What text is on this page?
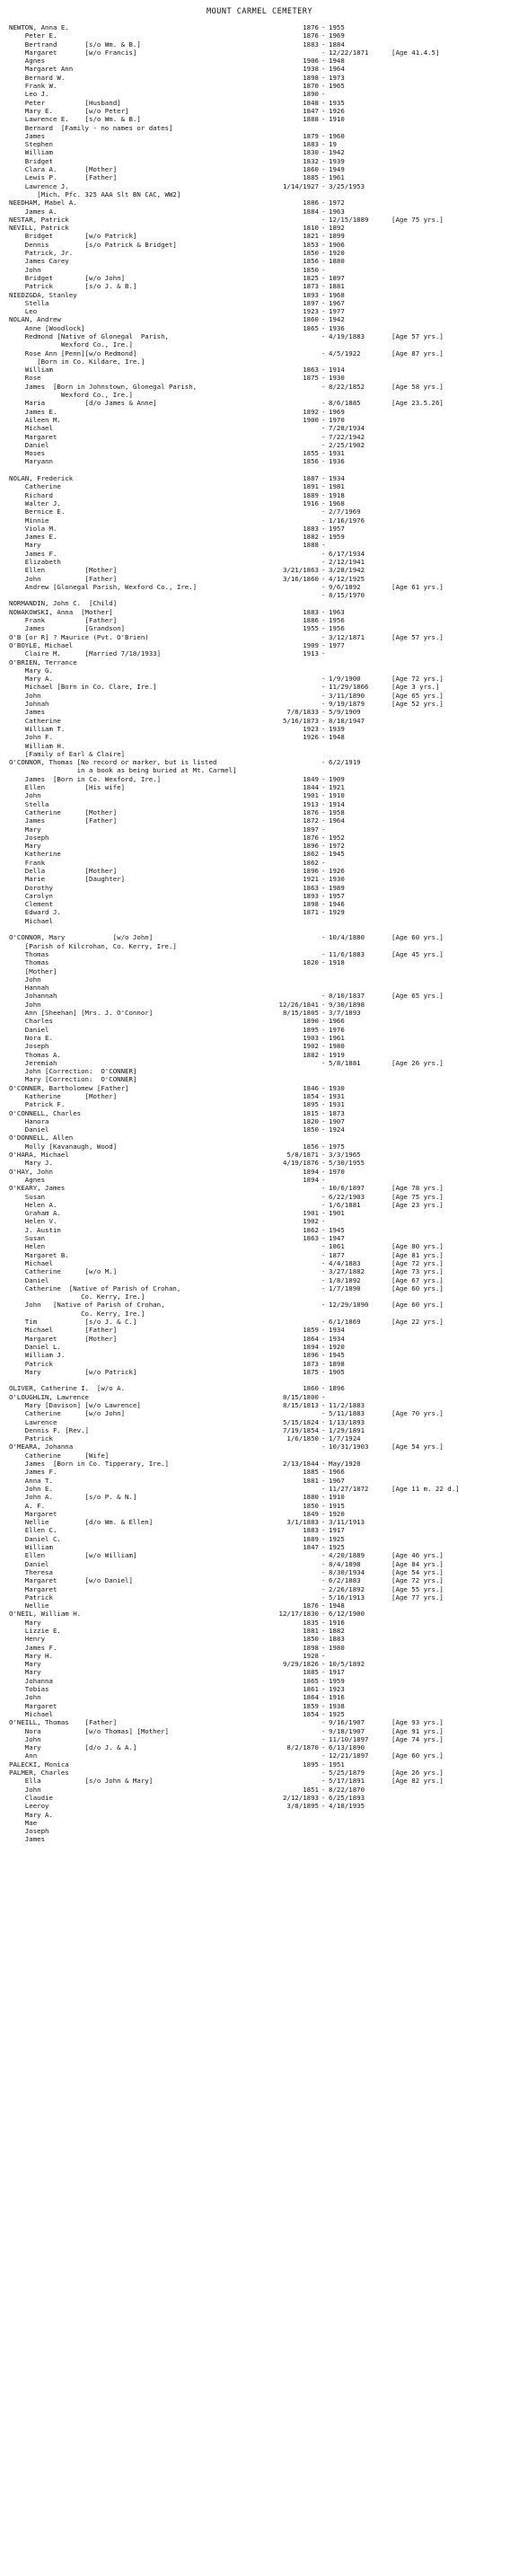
MOUNT CARMEL CEMETERY
NEWTON, Anna E.	1876 - 1955
Peter E.	1876 - 1969
Bertrand       [s/o Wm. & B.]	1883 - 1884
Margaret       [w/o Francis]	- 12/22/1871	[Age 41.4.5]
Agnes	1906 - 1948
Margaret Ann	1938 - 1964
Bernard W.	1898 - 1973
Frank W.	1870 - 1965
Leo J.	1890 -
Peter          [Husband]	1848 - 1935
Mary E.        [w/o Peter]	1847 - 1926
Lawrence E.    [s/o Wm. & B.]	1888 - 1910
Bernard  [Family - no names or dates]
James	1879 - 1960
Stephen	1883 - 19
William	1830 - 1942
Bridget	1832 - 1939
Clara A.       [Mother]	1860 - 1949
Lewis P.       [Father]	1885 - 1961
Lawrence J.	1/14/1927 - 3/25/1953
[Mich. Pfc. 325 AAA Slt BN CAC, WW2]
NEEDHAM, Mabel A.	1886 - 1972
James A.	1884 - 1963
NESTAR, Patrick	- 12/15/1889	[Age 75 yrs.]
NEVILL, Patrick	1810 - 1892
Bridget        [w/o Patrick]	1821 - 1899
Dennis         [s/o Patrick & Bridget]	1853 - 1906
Patrick, Jr.	1850 - 1920
James Carey	1856 - 1880
John	1850 -
Bridget        [w/o John]	1825 - 1897
Patrick        [s/o J. & B.]	1873 - 1881
NIEDZGDA, Stanley	1893 - 1968
Stella	1897 - 1967
Leo	1923 - 1977
NOLAN, Andrew	1860 - 1942
Anne [Woodlock]	1865 - 1936
Redmond [Native of Glonegal  Parish,	- 4/19/1883	[Age 57 yrs.]
Wexford Co., Ire.]
Rose Ann [Penn][w/o Redmond]	- 4/5/1922	[Age 87 yrs.]
[Born in Co. Kildare, Ire.]
William	1863 - 1914
Rose	1875 - 1930
James  [Born in Johnstown, Glonegal Parish,	- 8/22/1852	[Age 58 yrs.]
Wexford Co., Ire.]
Maria          [d/o James & Anne]	- 8/6/1885	[Age 23.5.26]
James E.	1892 - 1969
Aileen M.	1900 - 1970
Michael	- 7/28/1934
Margaret	- 7/22/1942
Daniel	- 2/25/1902
Moses	1855 - 1931
Maryann	1856 - 1936
NOLAN, Frederick	1887 - 1934
Catherine	1891 - 1981
Richard	1889 - 1918
Walter J.	1916 - 1968
Bernice E.	- 2/7/1969
Minnie	- 1/16/1976
Viola M.	1883 - 1957
James E.	1882 - 1959
Mary	1888 -
James F.	- 6/17/1934
Elizabeth	- 2/12/1941
Ellen          [Mother]	3/21/1863 - 3/28/1942
John           [Father]	3/16/1860 - 4/12/1925
Andrew [Glonegal Parish, Wexford Co., Ire.]	- 9/6/1892	[Age 61 yrs.]
- 8/15/1970
NORMANDIN, John C.  [Child]
NOWAKOWSKI, Anna  [Mother]	1883 - 1963
Frank          [Father]	1886 - 1956
James          [Grandson]	1955 - 1956
O'B [or R] ? Maurice (Pvt. O'Brien)	- 3/12/1871	[Age 57 yrs.]
O'BOYLE, Michael	1909 - 1977
Claire M.      [Married 7/18/1933]	1913 -
O'BRIEN, Terrance
Mary G.
Mary A.	- 1/9/1900	[Age 72 yrs.]
Michael [Born in Co. Clare, Ire.]	- 11/29/1866	[Age 3 yrs.]
John	- 3/11/1890	[Age 65 yrs.]
Johnah	- 9/19/1879	[Age 52 yrs.]
James	7/8/1833 - 5/9/1909
Catherine	5/16/1873 - 8/18/1947
William T.	1923 - 1939
John F.	1926 - 1948
William H.
[Family of Earl & Claire]
O'CONNOR, Thomas [No record or marker, but is listed	- 6/2/1919
in a book as being buried at Mt. Carmel]
James  [Born in Co. Wexford, Ire.]	1849 - 1909
Ellen          [His wife]	1844 - 1921
John	1901 - 1910
Stella	1913 - 1914
Catherine      [Mother]	1876 - 1958
James          [Father]	1872 - 1964
Mary	1897 -
Joseph	1876 - 1952
Mary	1896 - 1972
Katherine	1862 - 1945
Frank	1862 -
Della          [Mother]	1896 - 1926
Marie          [Daughter]	1921 - 1930
Dorothy	1863 - 1989
Carolyn	1893 - 1957
Clement	1898 - 1946
Edward J.	1871 - 1929
Michael
O'CONNOR, Mary            [w/o John]	- 10/4/1880	[Age 60 yrs.]
[Parish of Kilcrohan, Co. Kerry, Ire.]
Thomas	- 11/6/1883	[Age 45 yrs.]
Thomas	1820 - 1918
[Mother]
John
Hannah
Johannah	- 8/10/1837	[Age 65 yrs.]
John	12/26/1841 - 9/30/1898
Ann [Sheehan] [Mrs. J. O'Connor]	8/15/1805 - 3/7/1893
Charles	1890 - 1966
Daniel	1895 - 1976
Nora E.	1903 - 1961
Joseph	1902 - 1980
Thomas A.	1882 - 1919
Jeremiah	- 5/8/1881	[Age 26 yrs.]
John [Correction:  O'CONNER]
Mary [Correction:  O'CONNER]
O'CONNER, Bartholomew [Father]	1846 - 1930
Katherine      [Mother]	1854 - 1931
Patrick F.	1895 - 1931
O'CONNELL, Charles	1815 - 1873
Hanora	1820 - 1907
Daniel	1850 - 1924
O'DONNELL, Allen
Molly [Kavanaugh, Wood]	1856 - 1975
O'HARA, Michael	5/8/1871 - 3/3/1965
Mary J.	4/19/1876 - 5/30/1955
O'HAY, John	1894 - 1970
Agnes	1894 -
O'KEARY, James	- 10/6/1897	[Age 78 yrs.]
Susan	- 6/22/1903	[Age 75 yrs.]
Helen A.	- 1/6/1881	[Age 23 yrs.]
Graham A.	1901 - 1901
Helen V.	1902 -
J. Austin	1862 - 1945
Susan	1863 - 1947
Helen	- 1861	[Age 80 yrs.]
Margaret B.	- 1877	[Age 81 yrs.]
Michael	- 4/4/1883	[Age 72 yrs.]
Catherine      [w/o M.]	- 3/27/1882	[Age 73 yrs.]
Daniel	- 1/8/1892	[Age 67 yrs.]
Catherine  [Native of Parish of Crohan,	- 1/7/1890	[Age 60 yrs.]
Co. Kerry, Ire.]
John   [Native of Parish of Crohan,	- 12/29/1890	[Age 60 yrs.]
Co. Kerry, Ire.]
Tim            [s/o J. & C.]	- 6/1/1869	[Age 22 yrs.]
Michael        [Father]	1859 - 1934
Margaret       [Mother]	1864 - 1934
Daniel L.	1894 - 1920
William J.	1896 - 1945
Patrick	1873 - 1898
Mary           [w/o Patrick]	1875 - 1905
OLIVER, Catherine I.  [w/o A.	1860 - 1896
O'LOUGHLIN, Lawrence	8/15/1800 -
Mary [Davison] [w/o Lawrence]	8/15/1813 - 11/2/1883
Catherine      [w/o John]	- 5/11/1883	[Age 70 yrs.]
Lawrence	5/15/1824 - 1/13/1893
Dennis F. [Rev.]	7/19/1854 - 1/29/1891
Patrick	1/6/1850 - 1/7/1924
O'MEARA, Johanna	- 10/31/1903	[Age 54 yrs.]
Catherine      [Wife]
James  [Born in Co. Tipperary, Ire.]	2/13/1844 - May/1920
James F.	1885 - 1966
Anna T.	1881 - 1967
John E.	- 11/27/1872	[Age 11 m. 22 d.]
John A.        [s/o P. & N.]	1880 - 1910
A. F.	1850 - 1915
Margaret	1849 - 1920
Nellie         [d/o Wm. & Ellen]	3/1/1883 - 3/11/1913
Ellen C.	1883 - 1917
Daniel C.	1889 - 1925
William	1847 - 1925
Ellen          [w/o William]	- 4/20/1889	[Age 46 yrs.]
Daniel	- 8/4/1898	[Age 84 yrs.]
Theresa	- 8/30/1934	[Age 54 yrs.]
Margaret       [w/o Daniel]	- 6/2/1883	[Age 72 yrs.]
Margaret	- 2/26/1892	[Age 55 yrs.]
Patrick	- 5/16/1913	[Age 77 yrs.]
Nellie	1876 - 1948
O'NEIL, William H.	12/17/1830 - 6/12/1900
Mary	1835 - 1916
Lizzie E.	1881 - 1882
Henry	1850 - 1883
James F.	1898 - 1980
Mary H.	1928 -
Mary	9/29/1826 - 10/5/1892
Mary	1885 - 1917
Johanna	1865 - 1959
Tobias	1861 - 1923
John	1864 - 1916
Margaret	1859 - 1938
Michael	1854 - 1925
O'NEILL, Thomas    [Father]	- 9/16/1907	[Age 93 yrs.]
Nora           [w/o Thomas] [Mother]	- 9/18/1907	[Age 91 yrs.]
John	- 11/10/1897	[Age 74 yrs.]
Mary           [d/o J. & A.]	8/2/1870 - 6/13/1890
Ann	- 12/21/1897	[Age 60 yrs.]
PALECKI, Monica	1895 - 1951
PALMER, Charles	- 5/25/1879	[Age 26 yrs.]
Ella           [s/o John & Mary]	- 5/17/1891	[Age 82 yrs.]
John	1851 - 8/22/1870
Claudie	2/12/1893 - 6/25/1893
Leeroy	3/8/1895 - 4/18/1935
Mary A.
Mae
Joseph
James
